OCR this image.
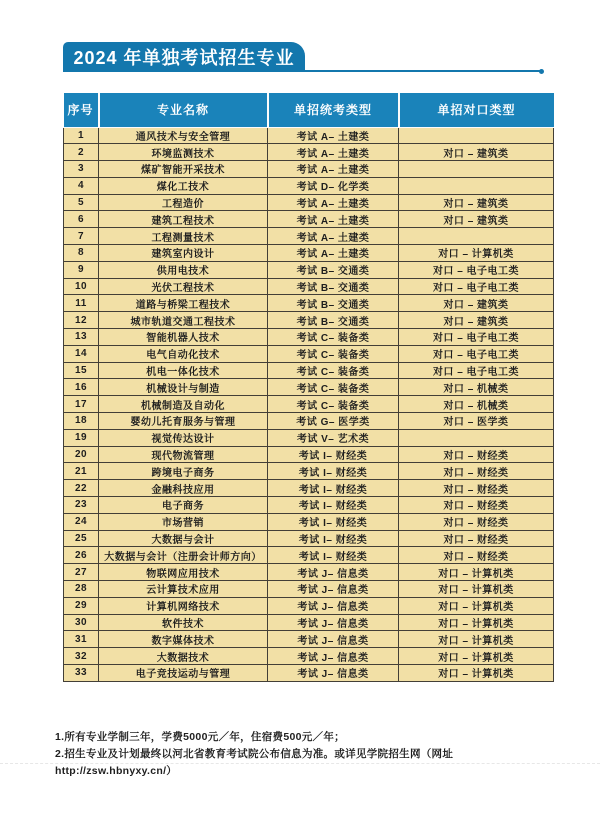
2024 年单独考试招生专业
序号	专业名称	单招统考类型	单招对口类型
1	通风技术与安全管理	考试 A– 土建类	
2	环境监测技术	考试 A– 土建类	对口 – 建筑类
3	煤矿智能开采技术	考试 A– 土建类	
4	煤化工技术	考试 D– 化学类	
5	工程造价	考试 A– 土建类	对口 – 建筑类
6	建筑工程技术	考试 A– 土建类	对口 – 建筑类
7	工程测量技术	考试 A– 土建类	
8	建筑室内设计	考试 A– 土建类	对口 – 计算机类
9	供用电技术	考试 B– 交通类	对口 – 电子电工类
10	光伏工程技术	考试 B– 交通类	对口 – 电子电工类
11	道路与桥梁工程技术	考试 B– 交通类	对口 – 建筑类
12	城市轨道交通工程技术	考试 B– 交通类	对口 – 建筑类
13	智能机器人技术	考试 C– 装备类	对口 – 电子电工类
14	电气自动化技术	考试 C– 装备类	对口 – 电子电工类
15	机电一体化技术	考试 C– 装备类	对口 – 电子电工类
16	机械设计与制造	考试 C– 装备类	对口 – 机械类
17	机械制造及自动化	考试 C– 装备类	对口 – 机械类
18	婴幼儿托育服务与管理	考试 G– 医学类	对口 – 医学类
19	视觉传达设计	考试 V– 艺术类	
20	现代物流管理	考试 I– 财经类	对口 – 财经类
21	跨境电子商务	考试 I– 财经类	对口 – 财经类
22	金融科技应用	考试 I– 财经类	对口 – 财经类
23	电子商务	考试 I– 财经类	对口 – 财经类
24	市场营销	考试 I– 财经类	对口 – 财经类
25	大数据与会计	考试 I– 财经类	对口 – 财经类
26	大数据与会计（注册会计师方向）	考试 I– 财经类	对口 – 财经类
27	物联网应用技术	考试 J– 信息类	对口 – 计算机类
28	云计算技术应用	考试 J– 信息类	对口 – 计算机类
29	计算机网络技术	考试 J– 信息类	对口 – 计算机类
30	软件技术	考试 J– 信息类	对口 – 计算机类
31	数字媒体技术	考试 J– 信息类	对口 – 计算机类
32	大数据技术	考试 J– 信息类	对口 – 计算机类
33	电子竞技运动与管理	考试 J– 信息类	对口 – 计算机类
1.所有专业学制三年，学费5000元／年，住宿费500元／年；
2.招生专业及计划最终以河北省教育考试院公布信息为准。或详见学院招生网（网址http://zsw.hbnyxy.cn/）
